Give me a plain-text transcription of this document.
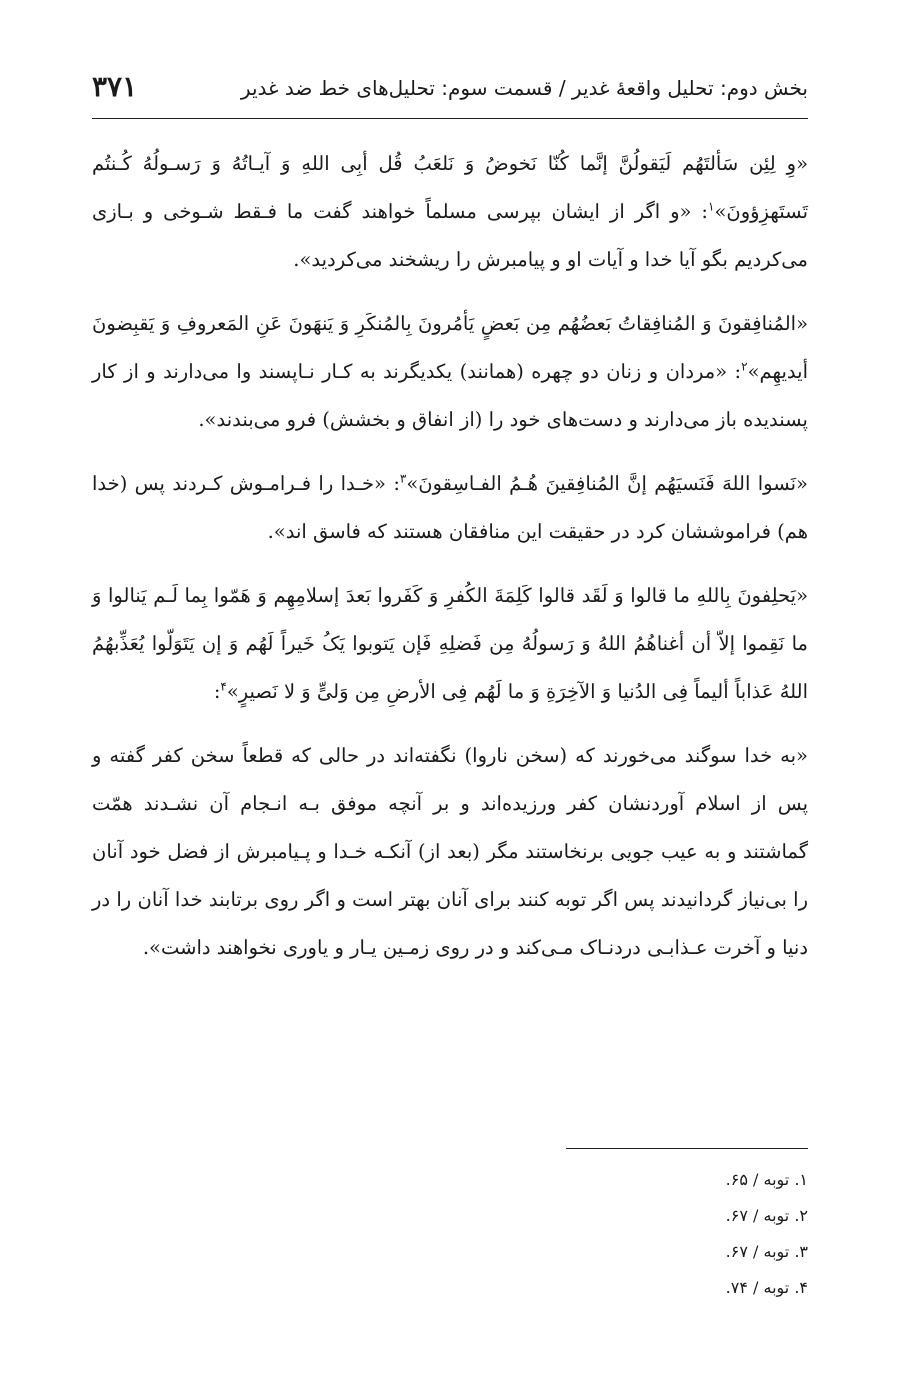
بخش دوم: تحلیل واقعهٔ غدیر / قسمت سوم: تحلیل‌های خط ضد غدیر
۳۷۱

«وِ لِئِن سَألتَهُم لَیَقولُنَّ إنَّما کُنّا نَخوضُ وَ نَلعَبُ قُل أبِی اللهِ وَ آیـاتُهُ وَ رَسـولُهُ کُـنتُم تَستَهزِؤونَ»$^۱$: «و اگر از ایشان بپرسی مسلماً خواهند گفت ما فـقط شـوخی و بـازی می‌کردیم بگو آیا خدا و آیات او و پیامبرش را ریشخند می‌کردید».

«المُنافِقونَ وَ المُنافِقاتُ بَعضُهُم مِن بَعضٍ یَأمُرونَ بِالمُنکَرِ وَ یَنهَونَ عَنِ المَعروفِ وَ یَقبِضونَ أیدیهِم»$^۲$: «مردان و زنان دو چهره (همانند) یکدیگرند به کـار نـاپسند وا می‌دارند و از کار پسندیده باز می‌دارند و دست‌های خود را (از انفاق و بخشش) فرو می‌بندند».

«نَسوا اللهَ فَنَسیَهُم إنَّ المُنافِقینَ هُـمُ الفـاسِقونَ»$^۳$: «خـدا را فـرامـوش کـردند پس (خدا هم) فراموششان کرد در حقیقت این منافقان هستند که فاسق اند».

«یَحلِفونَ بِاللهِ ما قالوا وَ لَقَد قالوا کَلِمَةَ الکُفرِ وَ کَفَروا بَعدَ إسلامِهِم وَ هَمّوا بِما لَـم یَنالوا وَ ما نَقِموا إلاّ أن أغناهُمُ اللهُ وَ رَسولُهُ مِن فَضلِهِ فَإن یَتوبوا یَکُ خَیراً لَهُم وَ إن یَتَوَلّوا یُعَذِّبهُمُ اللهُ عَذاباً ألیماً فِی الدُنیا وَ الآخِرَةِ وَ ما لَهُم فِی الأرضِ مِن وَلیٍّ وَ لا نَصیرٍ»$^۴$:

«به خدا سوگند می‌خورند که (سخن ناروا) نگفته‌اند در حالی که قطعاً سخن کفر گفته و پس از اسلام آوردنشان کفر ورزیده‌اند و بر آنچه موفق بـه انـجام آن نشـدند همّت گماشتند و به عیب جویی برنخاستند مگر (بعد از) آنکـه خـدا و پـیامبرش از فضل خود آنان را بی‌نیاز گردانیدند پس اگر توبه کنند برای آنان بهتر است و اگر روی برتابند خدا آنان را در دنیا و آخرت عـذابـی دردنـاک مـی‌کند و در روی زمـین یـار و یاوری نخواهند داشت».

۱. توبه / ۶۵.
۲. توبه / ۶۷.
۳. توبه / ۶۷.
۴. توبه / ۷۴.
